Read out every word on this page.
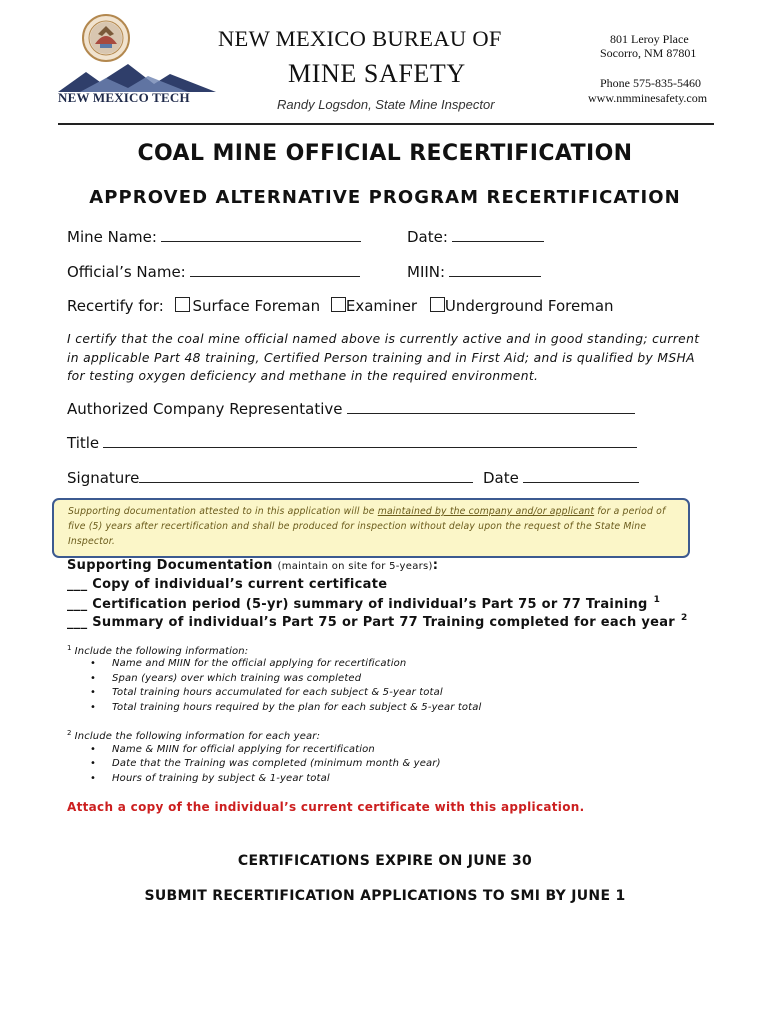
NEW MEXICO TECH
NEW MEXICO BUREAU OF
MINE SAFETY
Randy Logsdon, State Mine Inspector
801 Leroy Place
Socorro, NM 87801
Phone 575-835-5460
www.nmminesafety.com
COAL MINE OFFICIAL RECERTIFICATION
APPROVED ALTERNATIVE PROGRAM RECERTIFICATION
Mine Name:	Date:
Official’s Name:	MIIN:
Recertify for: Surface Foreman Examiner Underground Foreman
I certify that the coal mine official named above is currently active and in good standing; current in applicable Part 48 training, Certified Person training and in First Aid; and is qualified by MSHA for testing oxygen deficiency and methane in the required environment.
Authorized Company Representative
Title
Signature	Date
Supporting documentation attested to in this application will be maintained by the company and/or applicant for a period of five (5) years after recertification and shall be produced for inspection without delay upon the request of the State Mine Inspector.
Supporting Documentation (maintain on site for 5-years):
___ Copy of individual’s current certificate
___ Certification period (5-yr) summary of individual’s Part 75 or 77 Training $^1$
___ Summary of individual’s Part 75 or Part 77 Training completed for each year $^2$
$^1$ Include the following information:
• Name and MIIN for the official applying for recertification
• Span (years) over which training was completed
• Total training hours accumulated for each subject & 5-year total
• Total training hours required by the plan for each subject & 5-year total
$^2$ Include the following information for each year:
• Name & MIIN for official applying for recertification
• Date that the Training was completed (minimum month & year)
• Hours of training by subject & 1-year total
Attach a copy of the individual’s current certificate with this application.
CERTIFICATIONS EXPIRE ON JUNE 30
SUBMIT RECERTIFICATION APPLICATIONS TO SMI BY JUNE 1
